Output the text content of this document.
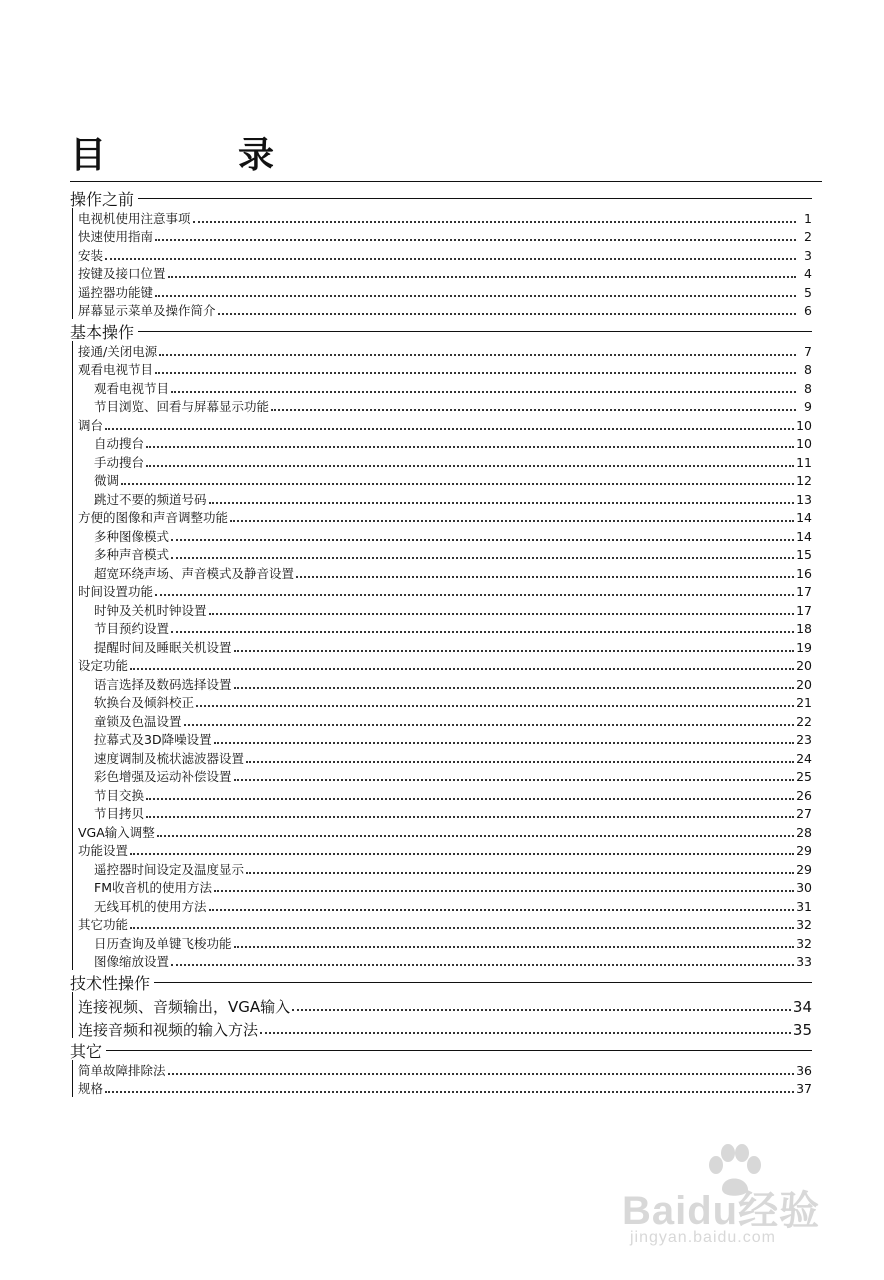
目　录
操作之前
电视机使用注意事项	1
快速使用指南	2
安装	3
按键及接口位置	4
遥控器功能键	5
屏幕显示菜单及操作简介	6
基本操作
接通/关闭电源	7
观看电视节目	8
观看电视节目	8
节目浏览、回看与屏幕显示功能	9
调台	10
自动搜台	10
手动搜台	11
微调	12
跳过不要的频道号码	13
方便的图像和声音调整功能	14
多种图像模式	14
多种声音模式	15
超宽环绕声场、声音模式及静音设置	16
时间设置功能	17
时钟及关机时钟设置	17
节目预约设置	18
提醒时间及睡眠关机设置	19
设定功能	20
语言选择及数码选择设置	20
软换台及倾斜校正	21
童锁及色温设置	22
拉幕式及3D降噪设置	23
速度调制及梳状滤波器设置	24
彩色增强及运动补偿设置	25
节目交换	26
节目拷贝	27
VGA输入调整	28
功能设置	29
遥控器时间设定及温度显示	29
FM收音机的使用方法	30
无线耳机的使用方法	31
其它功能	32
日历查询及单键飞梭功能	32
图像缩放设置	33
技术性操作
连接视频、音频输出，VGA输入	34
连接音频和视频的输入方法	35
其它
简单故障排除法	36
规格	37
Baidu经验
jingyan.baidu.com
